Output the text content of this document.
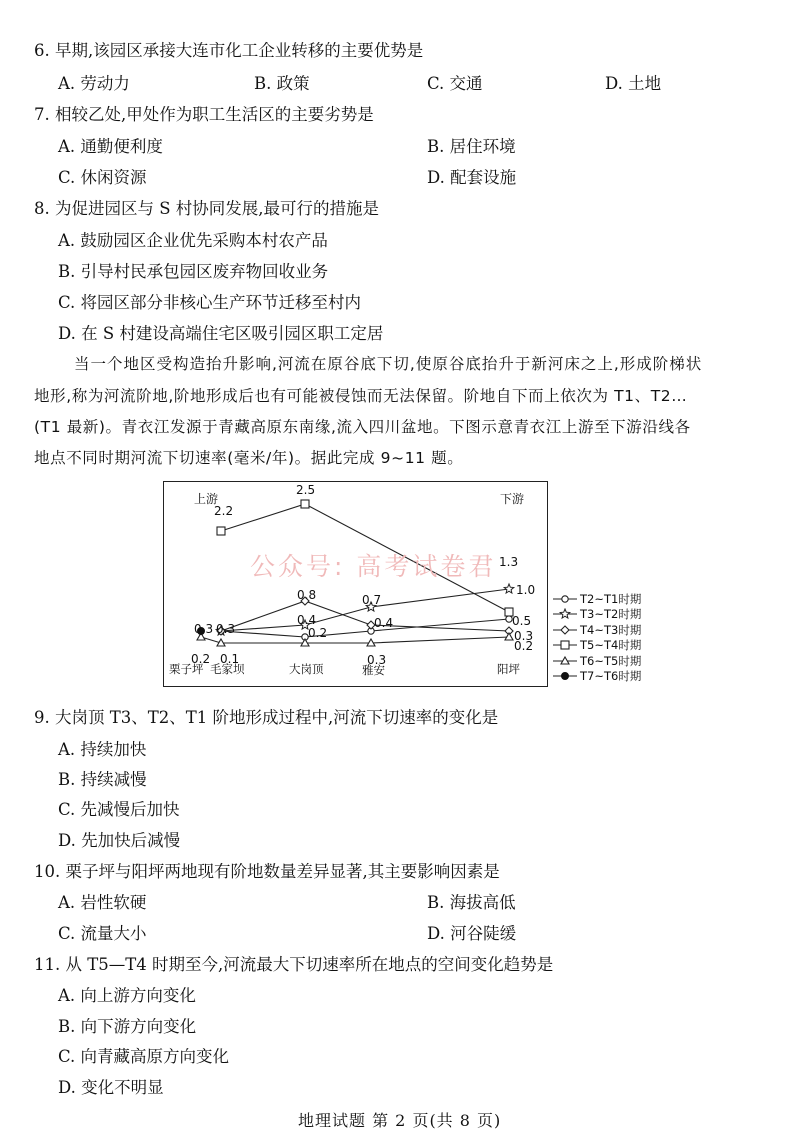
6. 早期,该园区承接大连市化工企业转移的主要优势是
A. 劳动力	B. 政策	C. 交通	D. 土地
7. 相较乙处,甲处作为职工生活区的主要劣势是
A. 通勤便利度	B. 居住环境
C. 休闲资源	D. 配套设施
8. 为促进园区与 S 村协同发展,最可行的措施是
A. 鼓励园区企业优先采购本村农产品
B. 引导村民承包园区废弃物回收业务
C. 将园区部分非核心生产环节迁移至村内
D. 在 S 村建设高端住宅区吸引园区职工定居
当一个地区受构造抬升影响,河流在原谷底下切,使原谷底抬升于新河床之上,形成阶梯状
地形,称为河流阶地,阶地形成后也有可能被侵蚀而无法保留。阶地自下而上依次为 T1、T2…
(T1 最新)。青衣江发源于青藏高原东南缘,流入四川盆地。下图示意青衣江上游至下游沿线各
地点不同时期河流下切速率(毫米/年)。据此完成 9~11 题。
上游	下游
栗子坪 毛家坝	大岗顶	雅安	阳坪
2.2
2.5
1.3
1.0
0.8	0.7
0.4	0.4
0.3
0.3	0.2
0.3
0.5
0.3
0.2
0.2 0.1
公众号: 高考试卷君
T2~T1时期
T3~T2时期
T4~T3时期
T5~T4时期
T6~T5时期
T7~T6时期
9. 大岗顶 T3、T2、T1 阶地形成过程中,河流下切速率的变化是
A. 持续加快
B. 持续减慢
C. 先减慢后加快
D. 先加快后减慢
10. 栗子坪与阳坪两地现有阶地数量差异显著,其主要影响因素是
A. 岩性软硬	B. 海拔高低
C. 流量大小	D. 河谷陡缓
11. 从 T5—T4 时期至今,河流最大下切速率所在地点的空间变化趋势是
A. 向上游方向变化
B. 向下游方向变化
C. 向青藏高原方向变化
D. 变化不明显
地理试题 第 2 页(共 8 页)
